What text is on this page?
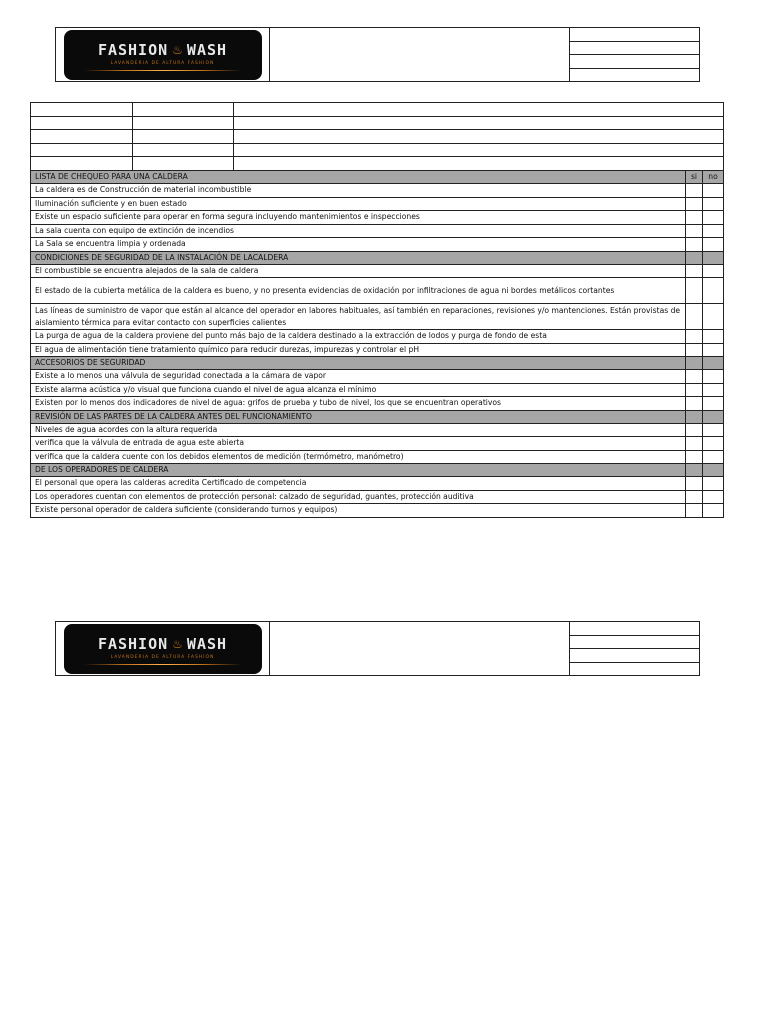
FASHION ♨ WASH
LAVANDERIA DE ALTURA FASHION

LISTA DE CHEQUEO PARA UNA CALDERA	si	no
La caldera es de Construcción de material incombustible		
Iluminación suficiente y en buen estado		
Existe un espacio suficiente para operar en forma segura incluyendo mantenimientos e inspecciones		
La sala cuenta con equipo de extinción de incendios		
La Sala se encuentra limpia y ordenada		
CONDICIONES DE SEGURIDAD DE LA INSTALACIÓN DE LACALDERA		
El combustible se encuentra alejados de la sala de caldera		
El estado de la cubierta metálica de la caldera es bueno, y no presenta evidencias de oxidación por infiltraciones de agua ni bordes metálicos cortantes		
Las líneas de suministro de vapor que están al alcance del operador en labores habituales, así también en reparaciones, revisiones y/o mantenciones. Están provistas de aislamiento térmica para evitar contacto con superficies calientes		
La purga de agua de la caldera proviene del punto más bajo de la caldera destinado a la extracción de lodos y purga de fondo de esta		
El agua de alimentación tiene tratamiento químico para reducir durezas, impurezas y controlar el pH		
ACCESORIOS DE SEGURIDAD		
Existe a lo menos una válvula de seguridad conectada a la cámara de vapor		
Existe alarma acústica y/o visual que funciona cuando el nivel de agua alcanza el mínimo		
Existen por lo menos dos indicadores de nivel de agua: grifos de prueba y tubo de nivel, los que se encuentran operativos		
REVISIÓN DE LAS PARTES DE LA CALDERA ANTES DEL FUNCIONAMIENTO		
Niveles de agua acordes con la altura requerida		
verifica que la válvula de entrada de agua este abierta		
verifica que la caldera cuente con los debidos elementos de medición (termómetro, manómetro)		
DE LOS OPERADORES DE CALDERA		
El personal que opera las calderas acredita Certificado de competencia		
Los operadores cuentan con elementos de protección personal: calzado de seguridad, guantes, protección auditiva		
Existe personal operador de caldera suficiente (considerando turnos y equipos)		
FASHION ♨ WASH
LAVANDERIA DE ALTURA FASHION
